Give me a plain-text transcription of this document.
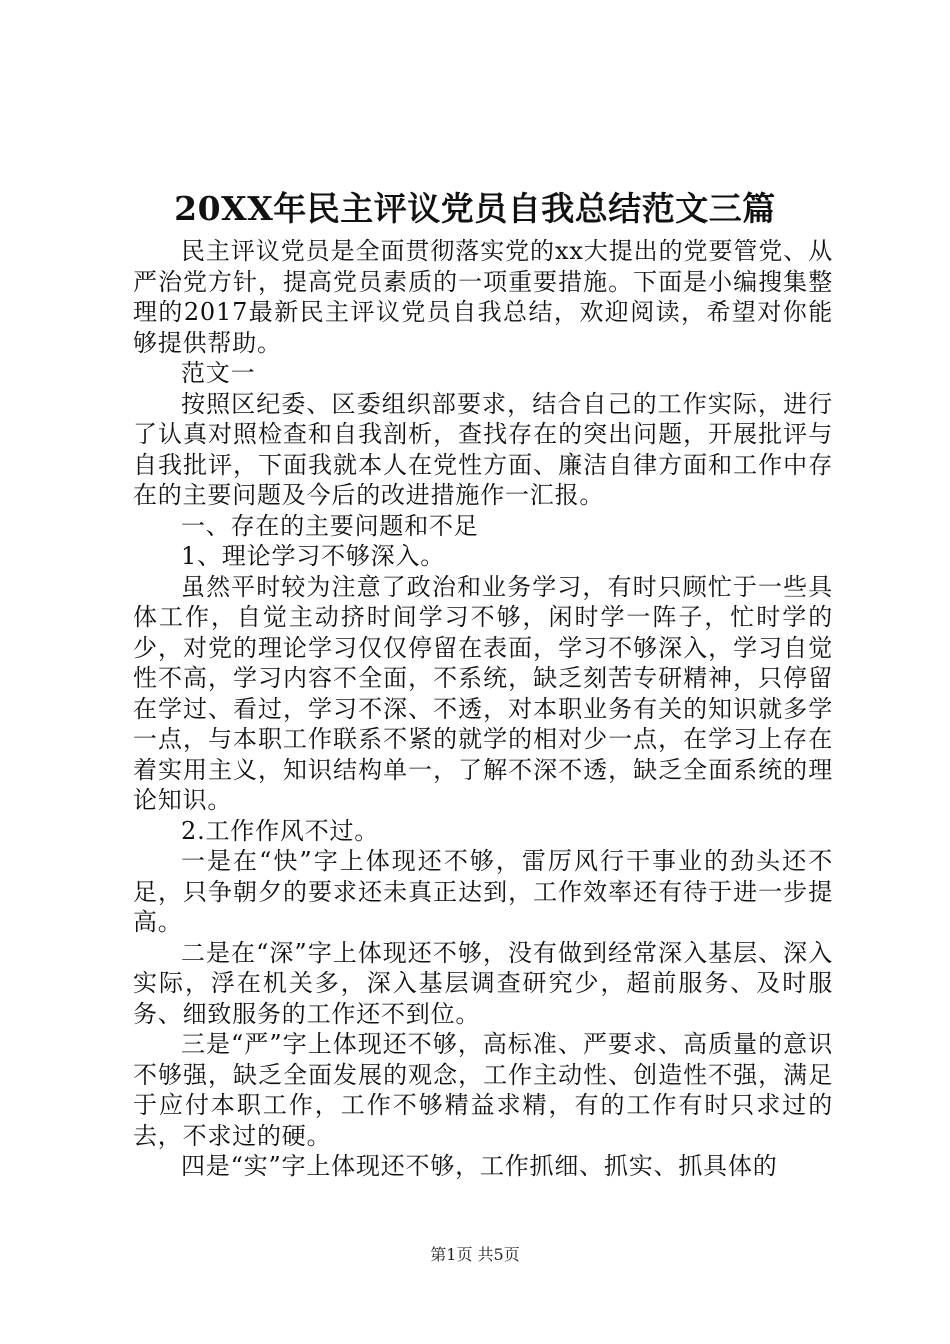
20XX年民主评议党员自我总结范文三篇

民主评议党员是全面贯彻落实党的xx大提出的党要管党、从严治党方针，提高党员素质的一项重要措施。下面是小编搜集整理的2017最新民主评议党员自我总结，欢迎阅读，希望对你能够提供帮助。

范文一

按照区纪委、区委组织部要求，结合自己的工作实际，进行了认真对照检查和自我剖析，查找存在的突出问题，开展批评与自我批评，下面我就本人在党性方面、廉洁自律方面和工作中存在的主要问题及今后的改进措施作一汇报。

一、存在的主要问题和不足

1、理论学习不够深入。

虽然平时较为注意了政治和业务学习，有时只顾忙于一些具体工作，自觉主动挤时间学习不够，闲时学一阵子，忙时学的少，对党的理论学习仅仅停留在表面，学习不够深入，学习自觉性不高，学习内容不全面，不系统，缺乏刻苦专研精神，只停留在学过、看过，学习不深、不透，对本职业务有关的知识就多学一点，与本职工作联系不紧的就学的相对少一点，在学习上存在着实用主义，知识结构单一，了解不深不透，缺乏全面系统的理论知识。

2.工作作风不过。

一是在“快”字上体现还不够，雷厉风行干事业的劲头还不足，只争朝夕的要求还未真正达到，工作效率还有待于进一步提高。

二是在“深”字上体现还不够，没有做到经常深入基层、深入实际，浮在机关多，深入基层调查研究少，超前服务、及时服务、细致服务的工作还不到位。

三是“严”字上体现还不够，高标准、严要求、高质量的意识不够强，缺乏全面发展的观念，工作主动性、创造性不强，满足于应付本职工作，工作不够精益求精，有的工作有时只求过的去，不求过的硬。

四是“实”字上体现还不够，工作抓细、抓实、抓具体的

第1页 共5页
